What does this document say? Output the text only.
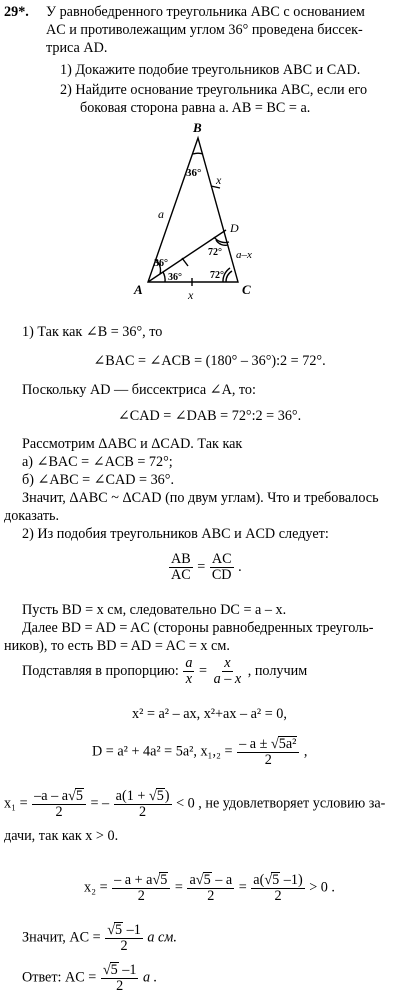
29*. У равнобедренного треугольника ABC с основанием
AC и противолежащим углом 36° проведена биссек-
триса AD.
1) Докажите подобие треугольников ABC и CAD.
2) Найдите основание треугольника ABC, если его
боковая сторона равна a. AB = BC = a.
B
D
A	C
36°
36°
36°
72°
72°
a
x
a–x
x
1) Так как ∠B = 36°, то
∠BAC = ∠ACB = (180° – 36°):2 = 72°.
Поскольку AD — биссектриса ∠A, то:
∠CAD = ∠DAB = 72°:2 = 36°.
Рассмотрим ΔABC и ΔCAD. Так как
а) ∠BAC = ∠ACB = 72°;
б) ∠ABC = ∠CAD = 36°.
Значит, ΔABC ~ ΔCAD (по двум углам). Что и требовалось
доказать.
2) Из подобия треугольников ABC и ACD следует:
$\frac{AB}{AC} = \frac{AC}{CD}$ .
Пусть BD = x см, следовательно DC = a – x.
Далее BD = AD = AC (стороны равнобедренных треуголь-
ников), то есть BD = AD = AC = x см.
Подставляя в пропорцию: $\frac{a}{x} = \frac{x}{a - x}$ , получим
x² = a² – ax, x²+ax – a² = 0,
D = a² + 4a² = 5a², $x_1,_2 = \frac{\text{– a ± √5a²}}{2}$ ,
$x_1 = \frac{-a - a√5}{2}$ = – $\frac{a(1 + √5)}{2} < 0$ , не удовлетворяет условию за-
дачи, так как x > 0.
$x_2 = \frac{- a + a√5}{2} = \frac{a√5 - a}{2} = \frac{a(√5 -1)}{2} > 0$ .
Значит, AC = $\frac{√5 -1}{2}$ a см.
Ответ: AC = $\frac{√5 -1}{2}$ a .
